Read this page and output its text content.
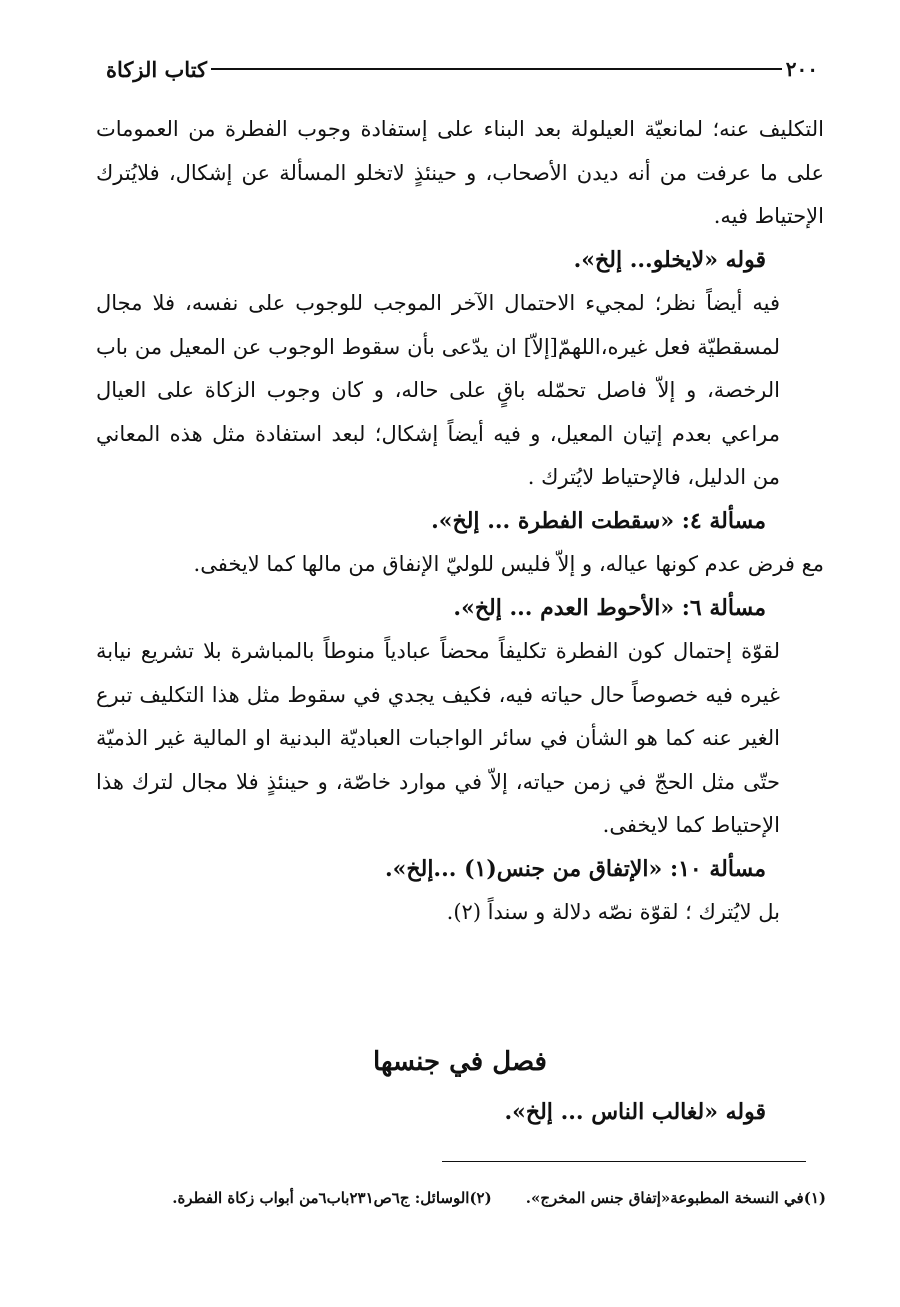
٢٠٠
كتاب الزكاة

التكليف عنه؛ لمانعيّة العيلولة بعد البناء على إستفادة وجوب الفطرة من العمومات على ما عرفت من أنه ديدن الأصحاب، و حينئذٍ لاتخلو المسألة عن إشكال، فلايُترك الإحتياط فيه.

قوله «لايخلو... إلخ».

فيه أيضاً نظر؛ لمجيء الاحتمال الآخر الموجب للوجوب على نفسه، فلا مجال لمسقطيّة فعل غيره،اللهمّ[إلاّ] ان يدّعى بأن سقوط الوجوب عن المعيل من باب الرخصة، و إلاّ فاصل تحمّله باقٍ على حاله، و كان وجوب الزكاة على العيال مراعي بعدم إتيان المعيل، و فيه أيضاً إشكال؛ لبعد استفادة مثل هذه المعاني من الدليل، فالإحتياط لايُترك .

مسألة ٤: «سقطت الفطرة ... إلخ».

مع فرض عدم كونها عياله، و إلاّ فليس للوليّ الإنفاق من مالها كما لايخفى.

مسألة ٦: «الأحوط العدم ... إلخ».

لقوّة إحتمال كون الفطرة تكليفاً محضاً عبادياً منوطاً بالمباشرة بلا تشريع نيابة غيره فيه خصوصاً حال حياته فيه، فكيف يجدي في سقوط مثل هذا التكليف تبرع الغير عنه كما هو الشأن في سائر الواجبات العباديّة البدنية او المالية غير الذميّة حتّى مثل الحجّ في زمن حياته، إلاّ في موارد خاصّة، و حينئذٍ فلا مجال لترك هذا الإحتياط كما لايخفى.

مسألة ١٠: «الإتفاق من جنس(١) ...إلخ».

بل لايُترك ؛ لقوّة نصّه دلالة و سنداً (٢).

فصل في جنسها
قوله «لغالب الناس ... إلخ».
(١)في النسخة المطبوعة«إتفاق جنس المخرج».
(٢)الوسائل: ج٦ص٢٣١باب٦من أبواب زكاة الفطرة.
